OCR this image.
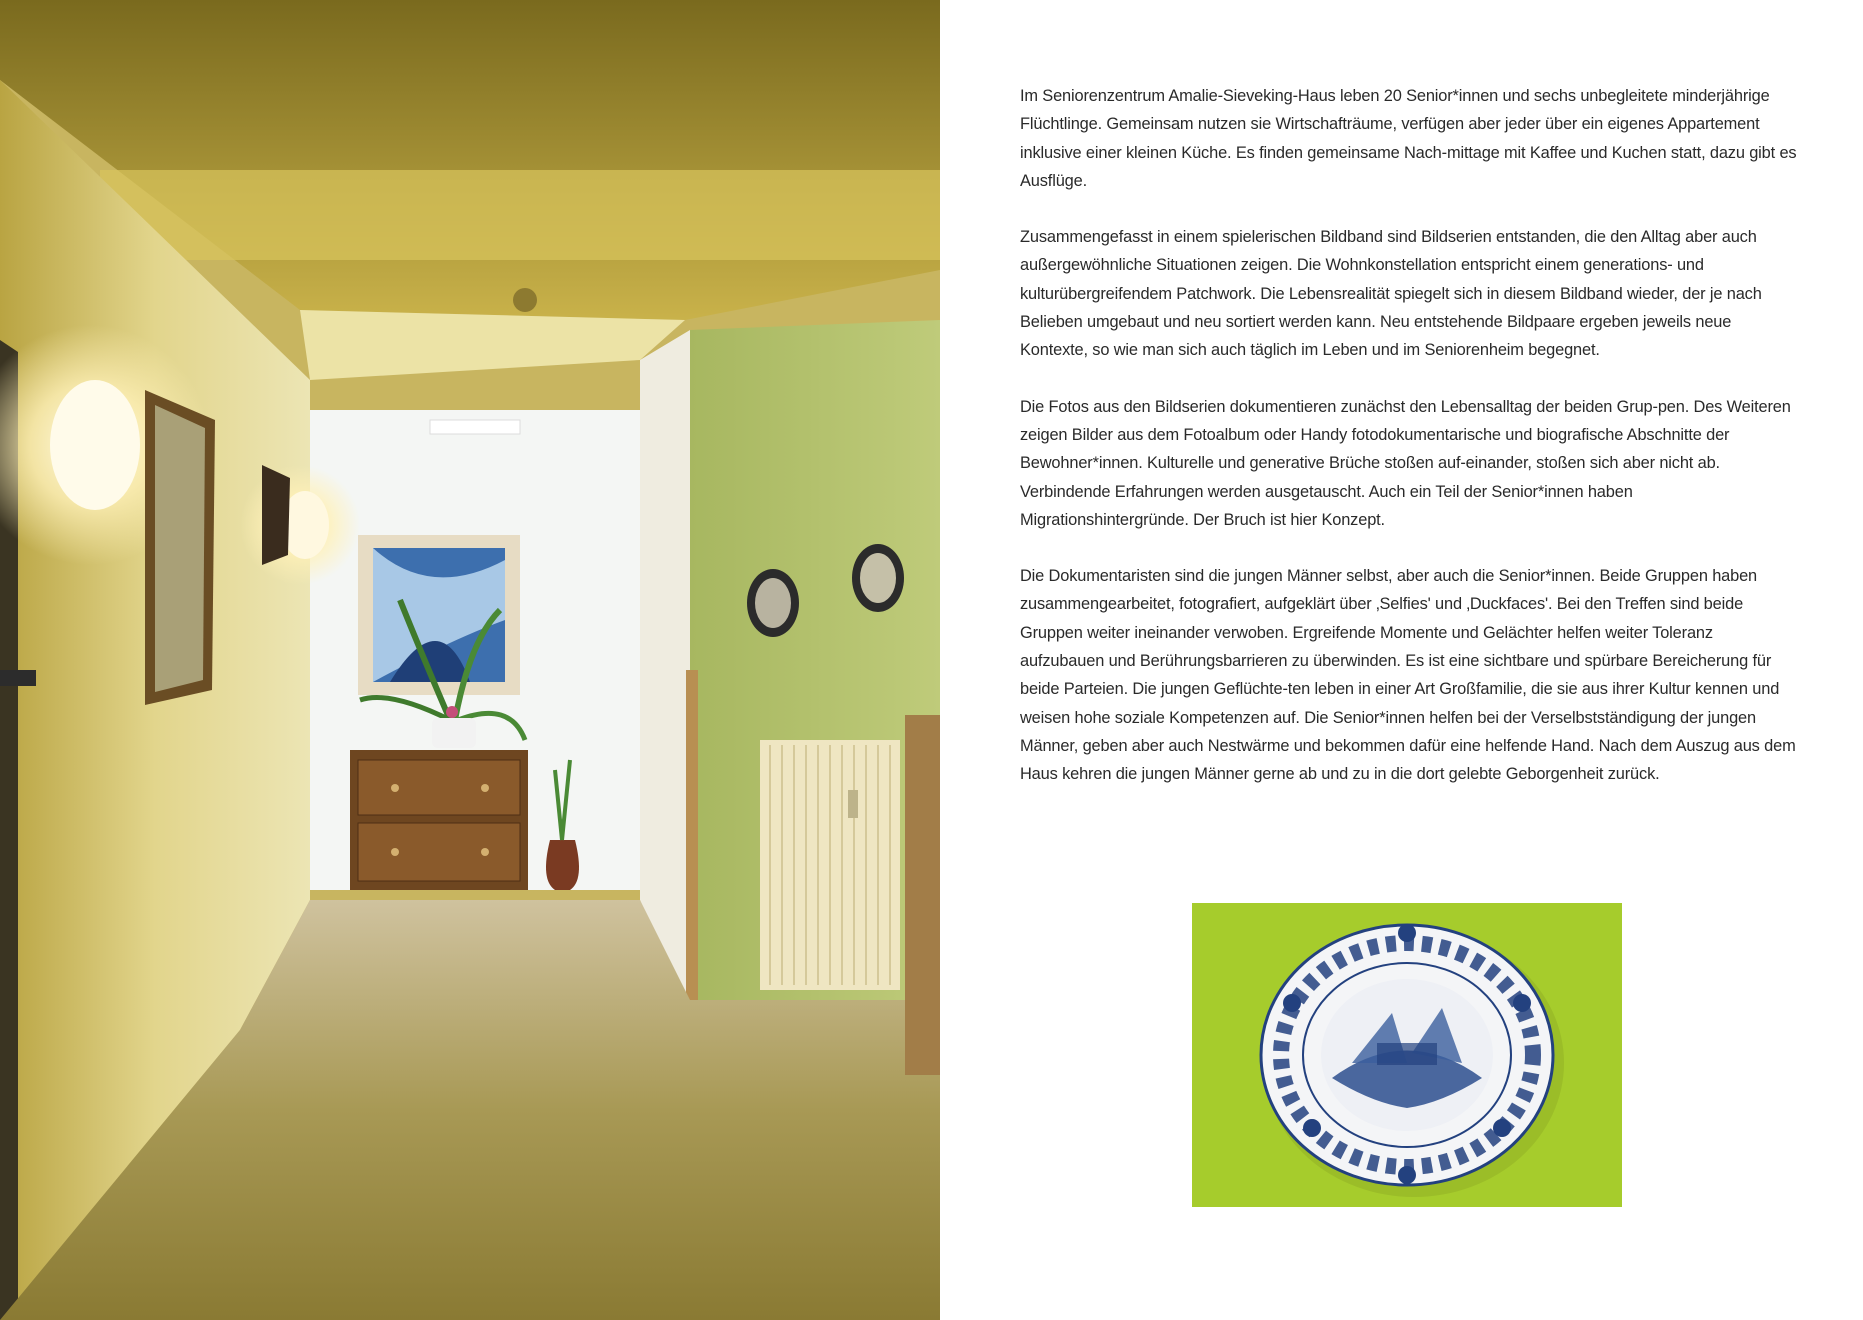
Im Seniorenzentrum Amalie-Sieveking-Haus leben 20 Senior*innen und sechs unbegleitete minderjährige Flüchtlinge. Gemeinsam nutzen sie Wirtschafträume, verfügen aber jeder über ein eigenes Appartement inklusive einer kleinen Küche. Es finden gemeinsame Nach-mittage mit Kaffee und Kuchen statt, dazu gibt es Ausflüge.

Zusammengefasst in einem spielerischen Bildband sind Bildserien entstanden, die den Alltag aber auch außergewöhnliche Situationen zeigen. Die Wohnkonstellation entspricht einem generations- und kulturübergreifendem Patchwork. Die Lebensrealität spiegelt sich in diesem Bildband wieder, der je nach Belieben umgebaut und neu sortiert werden kann. Neu entstehende Bildpaare ergeben jeweils neue Kontexte, so wie man sich auch täglich im Leben und im Seniorenheim begegnet.

Die Fotos aus den Bildserien dokumentieren zunächst den Lebensalltag der beiden Grup-pen. Des Weiteren zeigen Bilder aus dem Fotoalbum oder Handy fotodokumentarische und biografische Abschnitte der Bewohner*innen. Kulturelle und generative Brüche stoßen auf-einander, stoßen sich aber nicht ab. Verbindende Erfahrungen werden ausgetauscht. Auch ein Teil der Senior*innen haben Migrationshintergründe. Der Bruch ist hier Konzept.

Die Dokumentaristen sind die jungen Männer selbst, aber auch die Senior*innen. Beide Gruppen haben zusammengearbeitet, fotografiert, aufgeklärt über ‚Selfies' und ‚Duckfaces'. Bei den Treffen sind beide Gruppen weiter ineinander verwoben. Ergreifende Momente und Gelächter helfen weiter Toleranz aufzubauen und Berührungsbarrieren zu überwinden. Es ist eine sichtbare und spürbare Bereicherung für beide Parteien. Die jungen Geflüchte-ten leben in einer Art Großfamilie, die sie aus ihrer Kultur kennen und weisen hohe soziale Kompetenzen auf. Die Senior*innen helfen bei der Verselbstständigung der jungen Männer, geben aber auch Nestwärme und bekommen dafür eine helfende Hand. Nach dem Auszug aus dem Haus kehren die jungen Männer gerne ab und zu in die dort gelebte Geborgenheit zurück.
